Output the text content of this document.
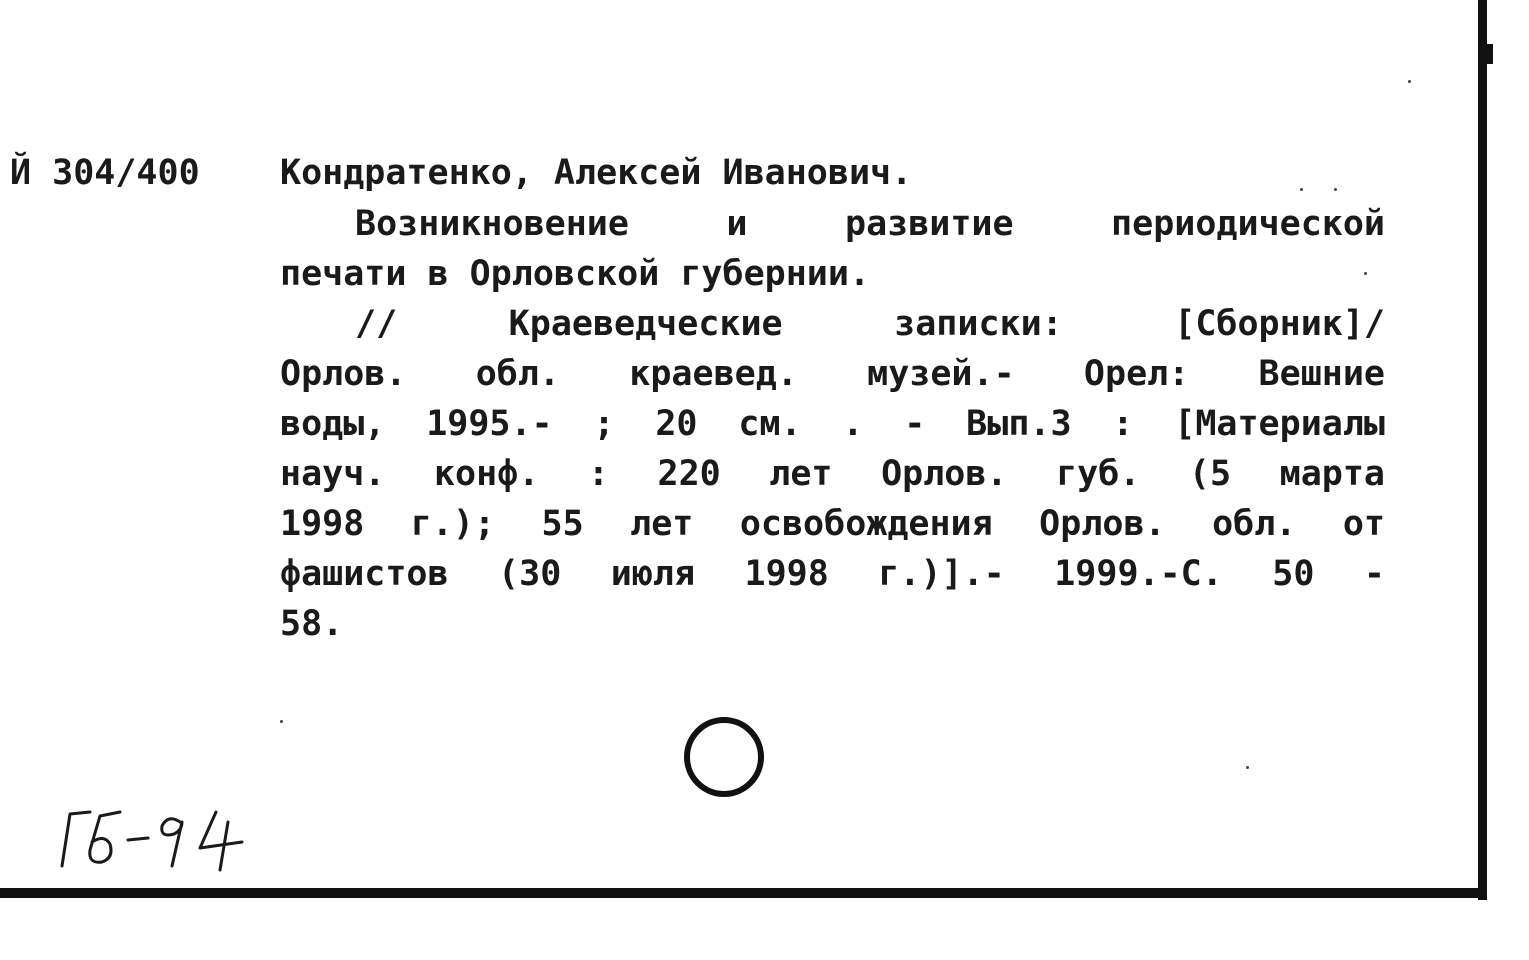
Й 304/400 Кондратенко, Алексей Иванович.
Возникновение и развитие периодической
печати в Орловской губернии.
// Краеведческие записки: [Сборник]/
Орлов. обл. краевед. музей.- Орел: Вешние
воды, 1995.- ; 20 см. . - Вып.3 : [Материалы
науч. конф. : 220 лет Орлов. губ. (5 марта
1998 г.); 55 лет освобождения Орлов. обл. от
фашистов (30 июля 1998 г.)].- 1999.-С. 50 -
58.
